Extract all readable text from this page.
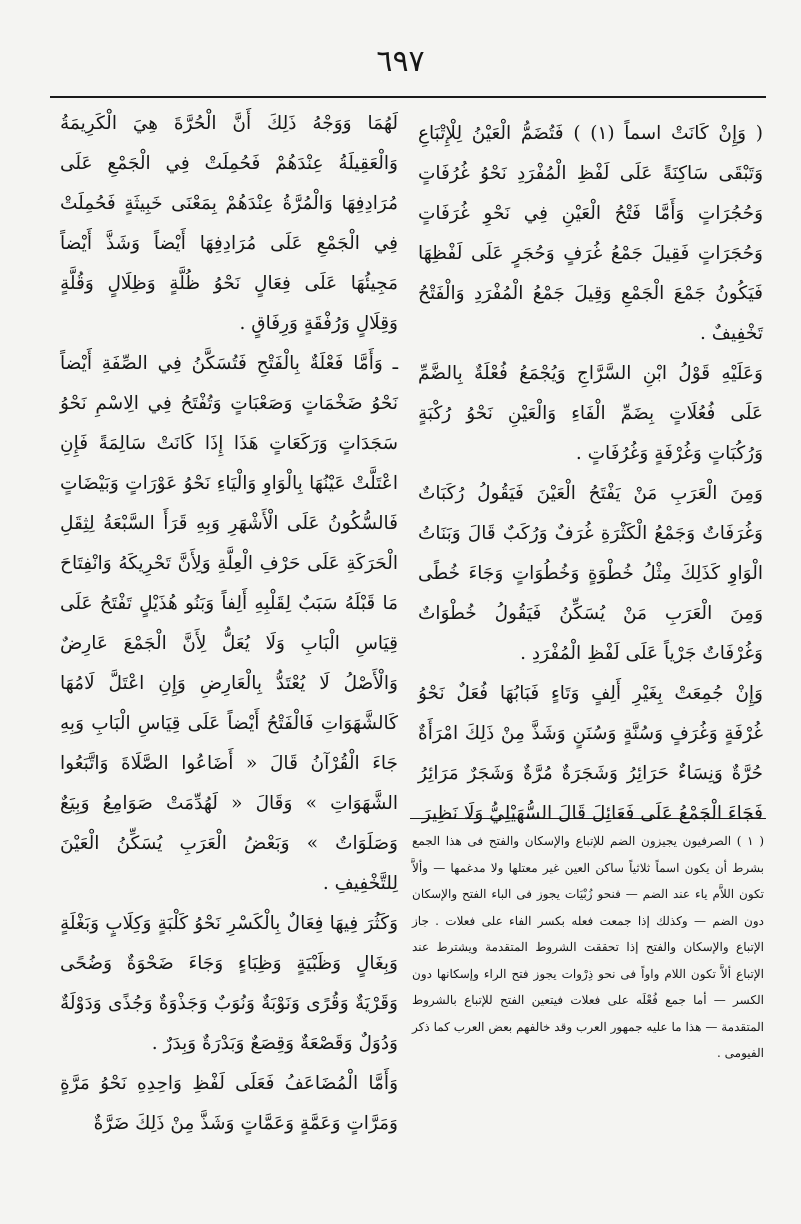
٦٩٧

( وَإِنْ كَانَتْ اسماً (١) ) فَتُضَمُّ الْعَيْنُ لِلْإِتْبَاعِ وَتَبْقَى سَاكِنَةً عَلَى لَفْظِ الْمُفْرَدِ نَحْوُ غُرُفَاتٍ وَحُجُرَاتٍ وَأَمَّا فَتْحُ الْعَيْنِ فِي نَحْوِ غُرَفَاتٍ وَحُجَرَاتٍ فَقِيلَ جَمْعُ غُرَفٍ وَحُجَرٍ عَلَى لَفْظِهَا فَيَكُونُ جَمْعَ الْجَمْعِ وَقِيلَ جَمْعُ الْمُفْرَدِ وَالْفَتْحُ تَخْفِيفٌ .

وَعَلَيْهِ قَوْلُ ابْنِ السَّرَّاجِ وَيُجْمَعُ فُعْلَةٌ بِالضَّمِّ عَلَى فُعُلَاتٍ بِضَمِّ الْفَاءِ وَالْعَيْنِ نَحْوُ رُكْبَةٍ وَرُكُبَاتٍ وَغُرْفَةٍ وَغُرُفَاتٍ .

وَمِنَ الْعَرَبِ مَنْ يَفْتَحُ الْعَيْنَ فَيَقُولُ رُكَبَاتٌ وَغُرَفَاتٌ وَجَمْعُ الْكَثْرَةِ غُرَفٌ وَرُكَبٌ قَالَ وَبَنَاتُ الْوَاوِ كَذَلِكَ مِثْلُ خُطْوَةٍ وَخُطُوَاتٍ وَجَاءَ خُطًى وَمِنَ الْعَرَبِ مَنْ يُسَكِّنُ فَيَقُولُ خُطْوَاتٌ وَغُرْفَاتٌ جَرْياً عَلَى لَفْظِ الْمُفْرَدِ .

وَإِنْ جُمِعَتْ بِغَيْرِ أَلِفٍ وَتَاءٍ فَبَابُهَا فُعَلٌ نَحْوُ غُرْفَةٍ وَغُرَفٍ وَسُنَّةٍ وَسُنَنٍ وَشَذَّ مِنْ ذَلِكَ امْرَأَةٌ حُرَّةٌ وَنِسَاءٌ حَرَائِرُ وَشَجَرَةٌ مُرَّةٌ وَشَجَرٌ مَرَائِرُ فَجَاءَ الْجَمْعُ عَلَى فَعَائِلَ قَالَ السُّهَيْلِيُّ وَلَا نَظِيرَ

لَهُمَا وَوَجْهُ ذَلِكَ أَنَّ الْحُرَّةَ هِيَ الْكَرِيمَةُ وَالْعَقِيلَةُ عِنْدَهُمْ فَحُمِلَتْ فِي الْجَمْعِ عَلَى مُرَادِفِهَا وَالْمُرَّةُ عِنْدَهُمْ بِمَعْنَى خَبِيثَةٍ فَحُمِلَتْ فِي الْجَمْعِ عَلَى مُرَادِفِهَا أَيْضاً وَشَذَّ أَيْضاً مَجِيئُهَا عَلَى فِعَالٍ نَحْوُ ظُلَّةٍ وَظِلَالٍ وَقُلَّةٍ وَقِلَالٍ وَرُفْقَةٍ وَرِفَاقٍ .

ـ وَأَمَّا فَعْلَةٌ بِالْفَتْحِ فَتُسَكَّنُ فِي الصِّفَةِ أَيْضاً نَحْوُ ضَخْمَاتٍ وَصَعْبَاتٍ وَتُفْتَحُ فِي الِاسْمِ نَحْوُ سَجَدَاتٍ وَرَكَعَاتٍ هَذَا إِذَا كَانَتْ سَالِمَةً فَإِنِ اعْتَلَّتْ عَيْنُهَا بِالْوَاوِ وَالْيَاءِ نَحْوُ عَوْرَاتٍ وَبَيْضَاتٍ فَالسُّكُونُ عَلَى الْأَشْهَرِ وَبِهِ قَرَأَ السَّبْعَةُ لِثِقَلِ الْحَرَكَةِ عَلَى حَرْفِ الْعِلَّةِ وَلِأَنَّ تَحْرِيكَهُ وَانْفِتَاحَ مَا قَبْلَهُ سَبَبٌ لِقَلْبِهِ أَلِفاً وَبَنُو هُذَيْلٍ تَفْتَحُ عَلَى قِيَاسِ الْبَابِ وَلَا يُعَلُّ لِأَنَّ الْجَمْعَ عَارِضٌ وَالْأَصْلُ لَا يُعْتَدُّ بِالْعَارِضِ وَإِنِ اعْتَلَّ لَامُهَا كَالشَّهَوَاتِ فَالْفَتْحُ أَيْضاً عَلَى قِيَاسِ الْبَابِ وَبِهِ جَاءَ الْقُرْآنُ قَالَ « أَضَاعُوا الصَّلَاةَ وَاتَّبَعُوا الشَّهَوَاتِ » وَقَالَ « لَهُدِّمَتْ صَوَامِعُ وَبِيَعٌ وَصَلَوَاتٌ » وَبَعْضُ الْعَرَبِ يُسَكِّنُ الْعَيْنَ لِلتَّخْفِيفِ .

وَكَثُرَ فِيهَا فِعَالٌ بِالْكَسْرِ نَحْوُ كَلْبَةٍ وَكِلَابٍ وَبَغْلَةٍ وَبِغَالٍ وَظَبْيَةٍ وَظِبَاءٍ وَجَاءَ ضَحْوَةٌ وَضُحًى وَقَرْيَةٌ وَقُرًى وَنَوْبَةٌ وَنُوَبٌ وَجَذْوَةٌ وَجُذًى وَدَوْلَةٌ وَدُوَلٌ وَقَصْعَةٌ وَقِصَعٌ وَبَدْرَةٌ وَبِدَرٌ .

وَأَمَّا الْمُضَاعَفُ فَعَلَى لَفْظِ وَاحِدِهِ نَحْوُ مَرَّةٍ وَمَرَّاتٍ وَعَمَّةٍ وَعَمَّاتٍ وَشَذَّ مِنْ ذَلِكَ ضَرَّةٌ

( ١ ) الصرفيون يجيزون الضم للإتباع والإسكان والفتح فى هذا الجمع بشرط أن يكون اسماً ثلاثياً ساكن العين غير معتلها ولا مدغمها — وألاَّ تكون اللاَّم ياء عند الضم — فنحو زُبْيَات يجوز فى الباء الفتح والإسكان دون الضم — وكذلك إذا جمعت فعله بكسر الفاء على فعلات . جاز الإتباع والإسكان والفتح إذا تحققت الشروط المتقدمة ويشترط عند الإتباع ألاَّ تكون اللام واواً فى نحو ذِرْوات يجوز فتح الراء وإسكانها دون الكسر — أما جمع فُعْلَه على فعلات فيتعين الفتح للإتباع بالشروط المتقدمة — هذا ما عليه جمهور العرب وقد خالفهم بعض العرب كما ذكر الفيومى .
